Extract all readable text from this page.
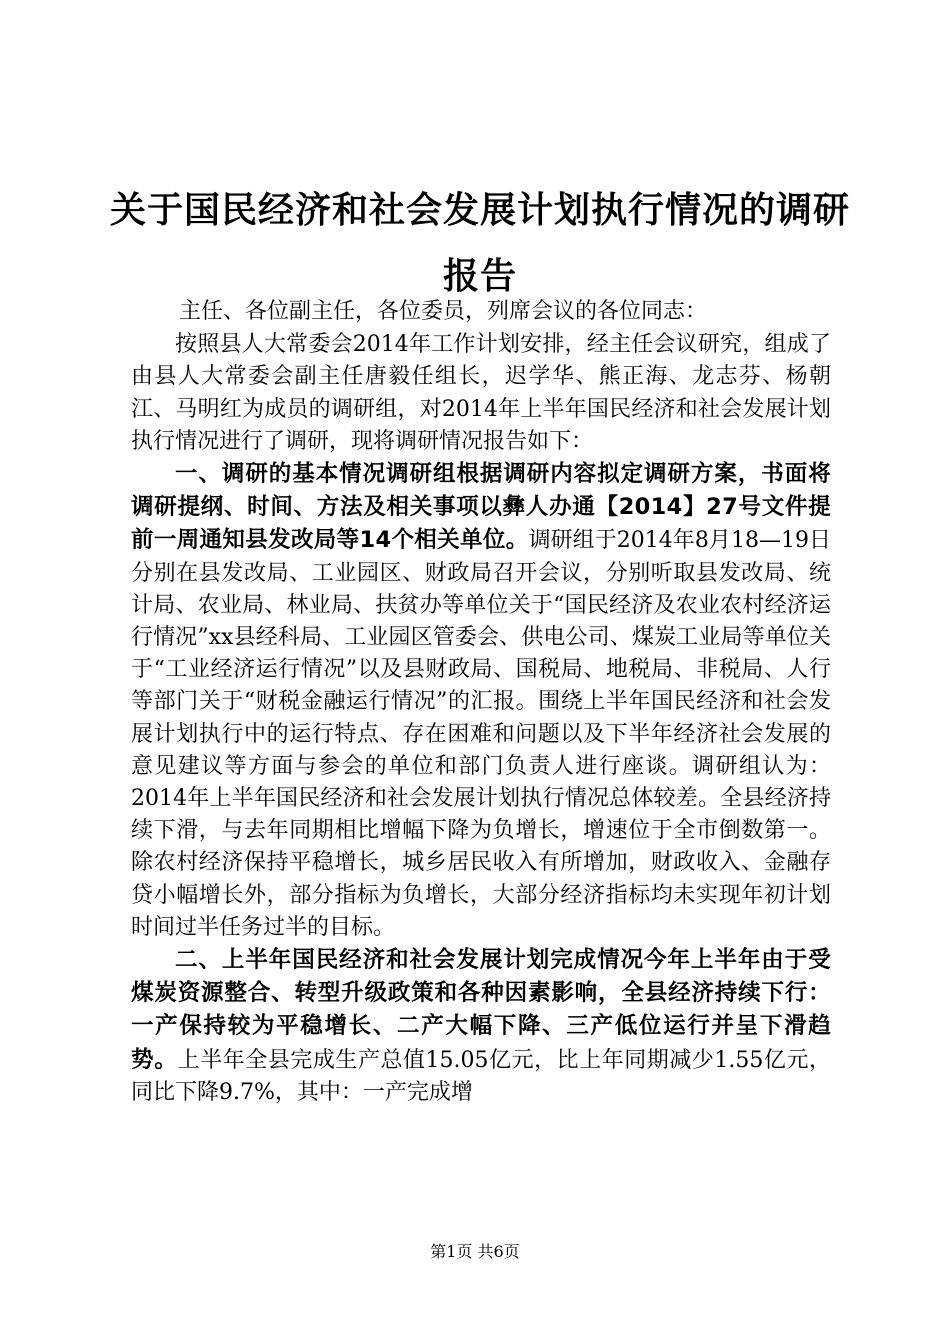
关于国民经济和社会发展计划执行情况的调研报告

主任、各位副主任，各位委员，列席会议的各位同志：

按照县人大常委会2014年工作计划安排，经主任会议研究，组成了由县人大常委会副主任唐毅任组长，迟学华、熊正海、龙志芬、杨朝江、马明红为成员的调研组，对2014年上半年国民经济和社会发展计划执行情况进行了调研，现将调研情况报告如下：

一、调研的基本情况调研组根据调研内容拟定调研方案，书面将调研提纲、时间、方法及相关事项以彝人办通【2014】27号文件提前一周通知县发改局等14个相关单位。调研组于2014年8月18—19日分别在县发改局、工业园区、财政局召开会议，分别听取县发改局、统计局、农业局、林业局、扶贫办等单位关于“国民经济及农业农村经济运行情况”xx县经科局、工业园区管委会、供电公司、煤炭工业局等单位关于“工业经济运行情况”以及县财政局、国税局、地税局、非税局、人行等部门关于“财税金融运行情况”的汇报。围绕上半年国民经济和社会发展计划执行中的运行特点、存在困难和问题以及下半年经济社会发展的意见建议等方面与参会的单位和部门负责人进行座谈。调研组认为：2014年上半年国民经济和社会发展计划执行情况总体较差。全县经济持续下滑，与去年同期相比增幅下降为负增长，增速位于全市倒数第一。除农村经济保持平稳增长，城乡居民收入有所增加，财政收入、金融存贷小幅增长外，部分指标为负增长，大部分经济指标均未实现年初计划时间过半任务过半的目标。

二、上半年国民经济和社会发展计划完成情况今年上半年由于受煤炭资源整合、转型升级政策和各种因素影响，全县经济持续下行：一产保持较为平稳增长、二产大幅下降、三产低位运行并呈下滑趋势。上半年全县完成生产总值15.05亿元，比上年同期减少1.55亿元，同比下降9.7%，其中：一产完成增

第1页 共6页
